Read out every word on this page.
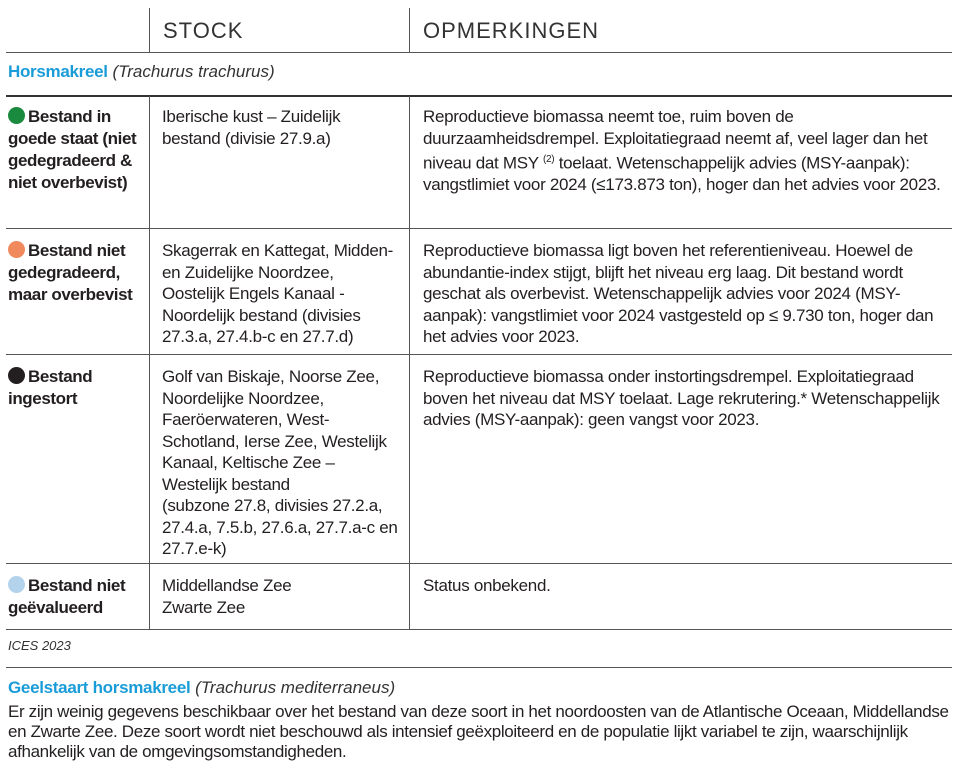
STOCK	OPMERKINGEN
Horsmakreel (Trachurus trachurus)
Bestand in goede staat (niet gedegradeerd & niet overbevist)
Iberische kust – Zuidelijk bestand (divisie 27.9.a)
Reproductieve biomassa neemt toe, ruim boven de duurzaamheidsdrempel. Exploitatiegraad neemt af, veel lager dan het niveau dat MSY $^{(2)}$ toelaat. Wetenschappelijk advies (MSY-aanpak): vangstlimiet voor 2024 (≤173.873 ton), hoger dan het advies voor 2023.
Bestand niet gedegradeerd, maar overbevist
Skagerrak en Kattegat, Midden- en Zuidelijke Noordzee, Oostelijk Engels Kanaal - Noordelijk bestand (divisies 27.3.a, 27.4.b-c en 27.7.d)
Reproductieve biomassa ligt boven het referentieniveau. Hoewel de abundantie-index stijgt, blijft het niveau erg laag. Dit bestand wordt geschat als overbevist. Wetenschappelijk advies voor 2024 (MSY-aanpak): vangstlimiet voor 2024 vastgesteld op ≤ 9.730 ton, hoger dan het advies voor 2023.
Bestand ingestort
Golf van Biskaje, Noorse Zee, Noordelijke Noordzee, Faeröerwateren, West-Schotland, Ierse Zee, Westelijk Kanaal, Keltische Zee – Westelijk bestand
(subzone 27.8, divisies 27.2.a, 27.4.a, 7.5.b, 27.6.a, 27.7.a-c en 27.7.e-k)
Reproductieve biomassa onder instortingsdrempel. Exploitatiegraad boven het niveau dat MSY toelaat. Lage rekrutering.* Wetenschappelijk advies (MSY-aanpak): geen vangst voor 2023.
Bestand niet geëvalueerd
Middellandse Zee
Zwarte Zee
Status onbekend.
ICES 2023
Geelstaart horsmakreel (Trachurus mediterraneus)
Er zijn weinig gegevens beschikbaar over het bestand van deze soort in het noordoosten van de Atlantische Oceaan, Middellandse en Zwarte Zee. Deze soort wordt niet beschouwd als intensief geëxploiteerd en de populatie lijkt variabel te zijn, waarschijnlijk afhankelijk van de omgevingsomstandigheden.
